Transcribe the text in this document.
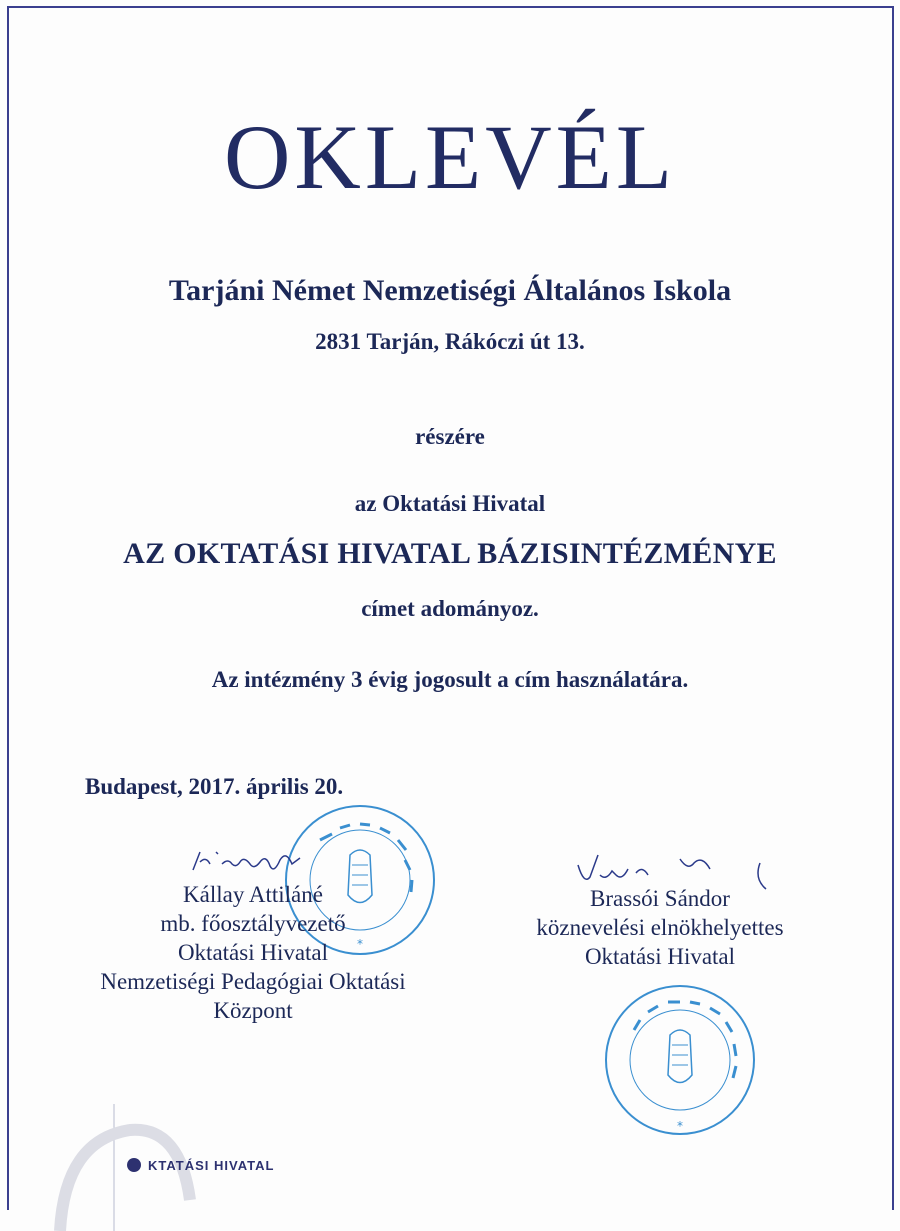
OKLEVÉL
Tarjáni Német Nemzetiségi Általános Iskola
2831 Tarján, Rákóczi út 13.
részére
az Oktatási Hivatal
AZ OKTATÁSI HIVATAL BÁZISINTÉZMÉNYE
címet adományoz.
Az intézmény 3 évig jogosult a cím használatára.
Budapest, 2017. április 20.
*
Kállay Attiláné
mb. főosztályvezető
Oktatási Hivatal
Nemzetiségi Pedagógiai Oktatási
Központ
Brassói Sándor
köznevelési elnökhelyettes
Oktatási Hivatal
*
KTATÁSI HIVATAL
